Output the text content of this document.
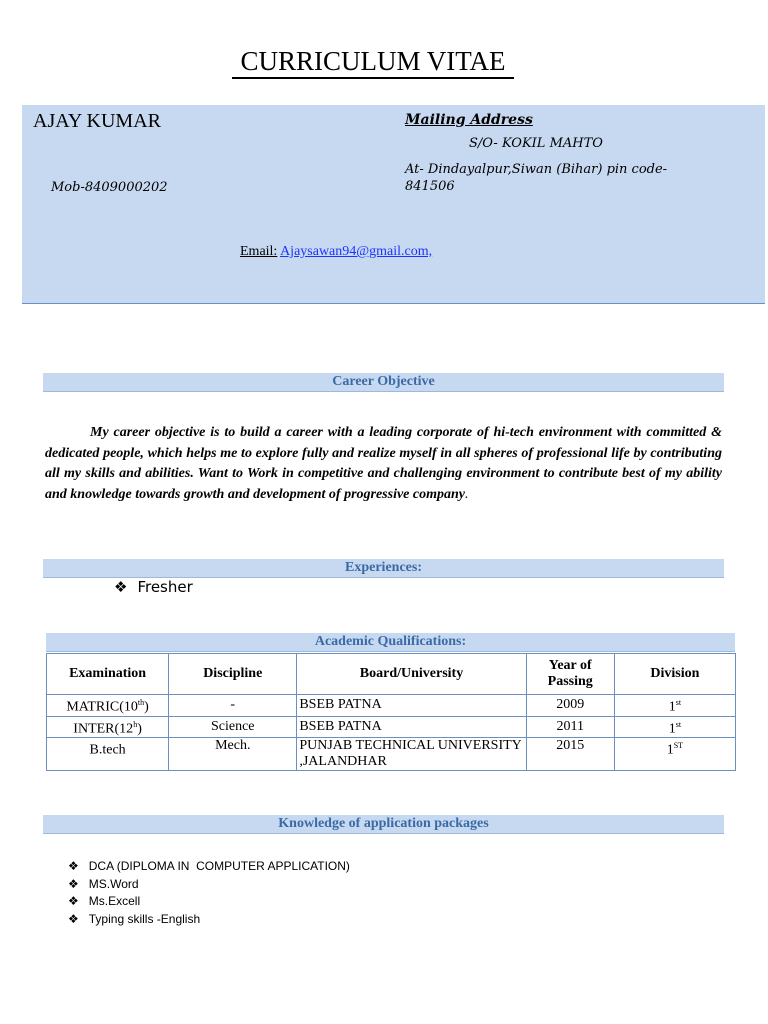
CURRICULUM VITAE
AJAY KUMAR
Mob-8409000202
Mailing Address
S/O- KOKIL MAHTO
At- Dindayalpur,Siwan (Bihar) pin code-841506
Email: Ajaysawan94@gmail.com,
Career Objective
My career objective is to build a career with a leading corporate of hi-tech environment with committed & dedicated people, which helps me to explore fully and realize myself in all spheres of professional life by contributing all my skills and abilities. Want to Work in competitive and challenging environment to contribute best of my ability and knowledge towards growth and development of progressive company.
Experiences:
❖ Fresher
Academic Qualifications:
Examination	Discipline	Board/University	Year of Passing	Division
MATRIC(10th)	-	BSEB PATNA	2009	1st
INTER(12$^h$)	Science	BSEB PATNA	2011	1st
B.tech	Mech.	PUNJAB TECHNICAL UNIVERSITY ,JALANDHAR	2015	1ST
Knowledge of application packages
❖ DCA (DIPLOMA IN  COMPUTER APPLICATION)
❖ MS.Word
❖ Ms.Excell
❖ Typing skills -English
